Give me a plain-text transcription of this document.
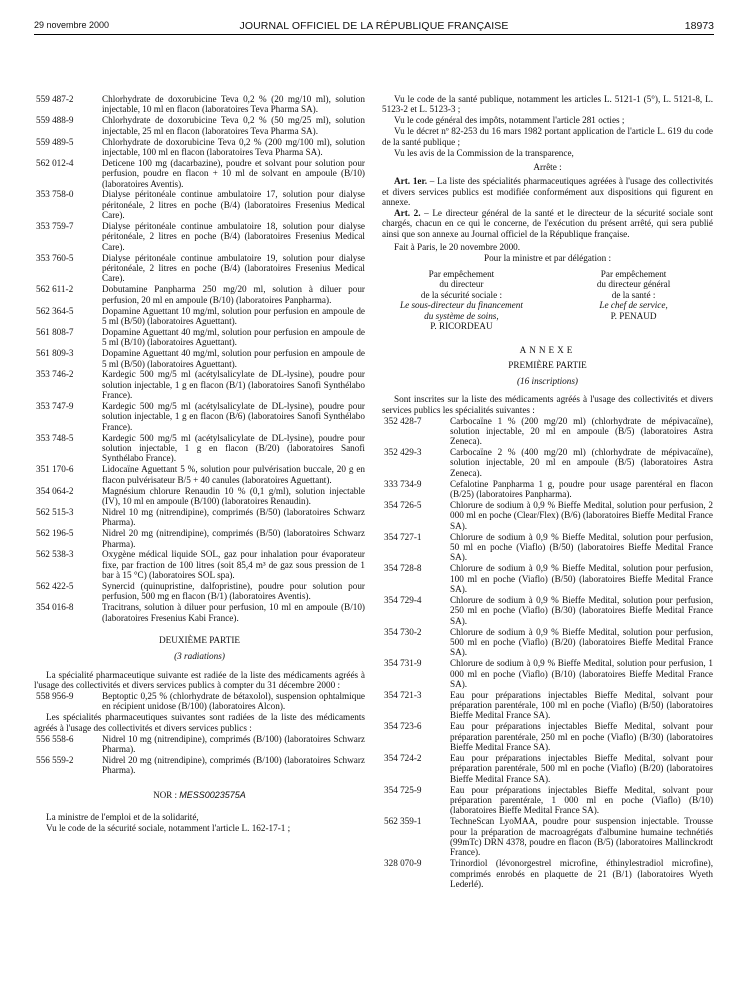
29 novembre 2000	JOURNAL OFFICIEL DE LA RÉPUBLIQUE FRANÇAISE	18973
559 487-2	Chlorhydrate de doxorubicine Teva 0,2 % (20 mg/10 ml), solution injectable, 10 ml en flacon (laboratoires Teva Pharma SA).
559 488-9	Chlorhydrate de doxorubicine Teva 0,2 % (50 mg/25 ml), solution injectable, 25 ml en flacon (laboratoires Teva Pharma SA).
559 489-5	Chlorhydrate de doxorubicine Teva 0,2 % (200 mg/100 ml), solution injectable, 100 ml en flacon (laboratoires Teva Pharma SA).
562 012-4	Deticene 100 mg (dacarbazine), poudre et solvant pour solution pour perfusion, poudre en flacon + 10 ml de solvant en ampoule (B/10) (laboratoires Aventis).
353 758-0	Dialyse péritonéale continue ambulatoire 17, solution pour dialyse péritonéale, 2 litres en poche (B/4) (laboratoires Fresenius Medical Care).
353 759-7	Dialyse péritonéale continue ambulatoire 18, solution pour dialyse péritonéale, 2 litres en poche (B/4) (laboratoires Fresenius Medical Care).
353 760-5	Dialyse péritonéale continue ambulatoire 19, solution pour dialyse péritonéale, 2 litres en poche (B/4) (laboratoires Fresenius Medical Care).
562 611-2	Dobutamine Panpharma 250 mg/20 ml, solution à diluer pour perfusion, 20 ml en ampoule (B/10) (laboratoires Panpharma).
562 364-5	Dopamine Aguettant 10 mg/ml, solution pour perfusion en ampoule de 5 ml (B/50) (laboratoires Aguettant).
561 808-7	Dopamine Aguettant 40 mg/ml, solution pour perfusion en ampoule de 5 ml (B/10) (laboratoires Aguettant).
561 809-3	Dopamine Aguettant 40 mg/ml, solution pour perfusion en ampoule de 5 ml (B/50) (laboratoires Aguettant).
353 746-2	Kardegic 500 mg/5 ml (acétylsalicylate de DL-lysine), poudre pour solution injectable, 1 g en flacon (B/1) (laboratoires Sanofi Synthélabo France).
353 747-9	Kardegic 500 mg/5 ml (acétylsalicylate de DL-lysine), poudre pour solution injectable, 1 g en flacon (B/6) (laboratoires Sanofi Synthélabo France).
353 748-5	Kardegic 500 mg/5 ml (acétylsalicylate de DL-lysine), poudre pour solution injectable, 1 g en flacon (B/20) (laboratoires Sanofi Synthélabo France).
351 170-6	Lidocaïne Aguettant 5 %, solution pour pulvérisation buccale, 20 g en flacon pulvérisateur B/5 + 40 canules (laboratoires Aguettant).
354 064-2	Magnésium chlorure Renaudin 10 % (0,1 g/ml), solution injectable (IV), 10 ml en ampoule (B/100) (laboratoires Renaudin).
562 515-3	Nidrel 10 mg (nitrendipine), comprimés (B/50) (laboratoires Schwarz Pharma).
562 196-5	Nidrel 20 mg (nitrendipine), comprimés (B/50) (laboratoires Schwarz Pharma).
562 538-3	Oxygène médical liquide SOL, gaz pour inhalation pour évaporateur fixe, par fraction de 100 litres (soit 85,4 m³ de gaz sous pression de 1 bar à 15 °C) (laboratoires SOL spa).
562 422-5	Synercid (quinupristine, dalfopristine), poudre pour solution pour perfusion, 500 mg en flacon (B/1) (laboratoires Aventis).
354 016-8	Tracitrans, solution à diluer pour perfusion, 10 ml en ampoule (B/10) (laboratoires Fresenius Kabi France).

DEUXIÈME PARTIE

(3 radiations)

La spécialité pharmaceutique suivante est radiée de la liste des médicaments agréés à l'usage des collectivités et divers services publics à compter du 31 décembre 2000 :

558 956-9	Beptoptic 0,25 % (chlorhydrate de bétaxolol), suspension ophtalmique en récipient unidose (B/100) (laboratoires Alcon).

Les spécialités pharmaceutiques suivantes sont radiées de la liste des médicaments agréés à l'usage des collectivités et divers services publics :

556 558-6	Nidrel 10 mg (nitrendipine), comprimés (B/100) (laboratoires Schwarz Pharma).
556 559-2	Nidrel 20 mg (nitrendipine), comprimés (B/100) (laboratoires Schwarz Pharma).

NOR : MESS0023575A

La ministre de l'emploi et de la solidarité,

Vu le code de la sécurité sociale, notamment l'article L. 162-17-1 ;

Vu le code de la santé publique, notamment les articles L. 5121-1 (5°), L. 5121-8, L. 5123-2 et L. 5123-3 ;

Vu le code général des impôts, notamment l'article 281 octies ;

Vu le décret nº 82-253 du 16 mars 1982 portant application de l'article L. 619 du code de la santé publique ;

Vu les avis de la Commission de la transparence,

Arrête :

Art. 1er. – La liste des spécialités pharmaceutiques agréées à l'usage des collectivités et divers services publics est modifiée conformément aux dispositions qui figurent en annexe.

Art. 2. – Le directeur général de la santé et le directeur de la sécurité sociale sont chargés, chacun en ce qui le concerne, de l'exécution du présent arrêté, qui sera publié ainsi que son annexe au Journal officiel de la République française.

Fait à Paris, le 20 novembre 2000.

Pour la ministre et par délégation :

Par empêchement
du directeur
de la sécurité sociale :
Le sous-directeur du financement
du système de soins,
P. RICORDEAU
Par empêchement
du directeur général
de la santé :
Le chef de service,
P. PENAUD

ANNEXE

PREMIÈRE PARTIE

(16 inscriptions)

Sont inscrites sur la liste des médicaments agréés à l'usage des collectivités et divers services publics les spécialités suivantes :

352 428-7	Carbocaïne 1 % (200 mg/20 ml) (chlorhydrate de mépivacaïne), solution injectable, 20 ml en ampoule (B/5) (laboratoires Astra Zeneca).
352 429-3	Carbocaïne 2 % (400 mg/20 ml) (chlorhydrate de mépivacaïne), solution injectable, 20 ml en ampoule (B/5) (laboratoires Astra Zeneca).
333 734-9	Cefalotine Panpharma 1 g, poudre pour usage parentéral en flacon (B/25) (laboratoires Panpharma).
354 726-5	Chlorure de sodium à 0,9 % Bieffe Medital, solution pour perfusion, 2 000 ml en poche (Clear/Flex) (B/6) (laboratoires Bieffe Medital France SA).
354 727-1	Chlorure de sodium à 0,9 % Bieffe Medital, solution pour perfusion, 50 ml en poche (Viaflo) (B/50) (laboratoires Bieffe Medital France SA).
354 728-8	Chlorure de sodium à 0,9 % Bieffe Medital, solution pour perfusion, 100 ml en poche (Viaflo) (B/50) (laboratoires Bieffe Medital France SA).
354 729-4	Chlorure de sodium à 0,9 % Bieffe Medital, solution pour perfusion, 250 ml en poche (Viaflo) (B/30) (laboratoires Bieffe Medital France SA).
354 730-2	Chlorure de sodium à 0,9 % Bieffe Medital, solution pour perfusion, 500 ml en poche (Viaflo) (B/20) (laboratoires Bieffe Medital France SA).
354 731-9	Chlorure de sodium à 0,9 % Bieffe Medital, solution pour perfusion, 1 000 ml en poche (Viaflo) (B/10) (laboratoires Bieffe Medital France SA).
354 721-3	Eau pour préparations injectables Bieffe Medital, solvant pour préparation parentérale, 100 ml en poche (Viaflo) (B/50) (laboratoires Bieffe Medital France SA).
354 723-6	Eau pour préparations injectables Bieffe Medital, solvant pour préparation parentérale, 250 ml en poche (Viaflo) (B/30) (laboratoires Bieffe Medital France SA).
354 724-2	Eau pour préparations injectables Bieffe Medital, solvant pour préparation parentérale, 500 ml en poche (Viaflo) (B/20) (laboratoires Bieffe Medital France SA).
354 725-9	Eau pour préparations injectables Bieffe Medital, solvant pour préparation parentérale, 1 000 ml en poche (Viaflo) (B/10) (laboratoires Bieffe Medital France SA).
562 359-1	TechneScan LyoMAA, poudre pour suspension injectable. Trousse pour la préparation de macroagrégats d'albumine humaine technétiés (99mTc) DRN 4378, poudre en flacon (B/5) (laboratoires Mallinckrodt France).
328 070-9	Trinordiol (lévonorgestrel microfine, éthinylestradiol microfine), comprimés enrobés en plaquette de 21 (B/1) (laboratoires Wyeth Lederlé).
